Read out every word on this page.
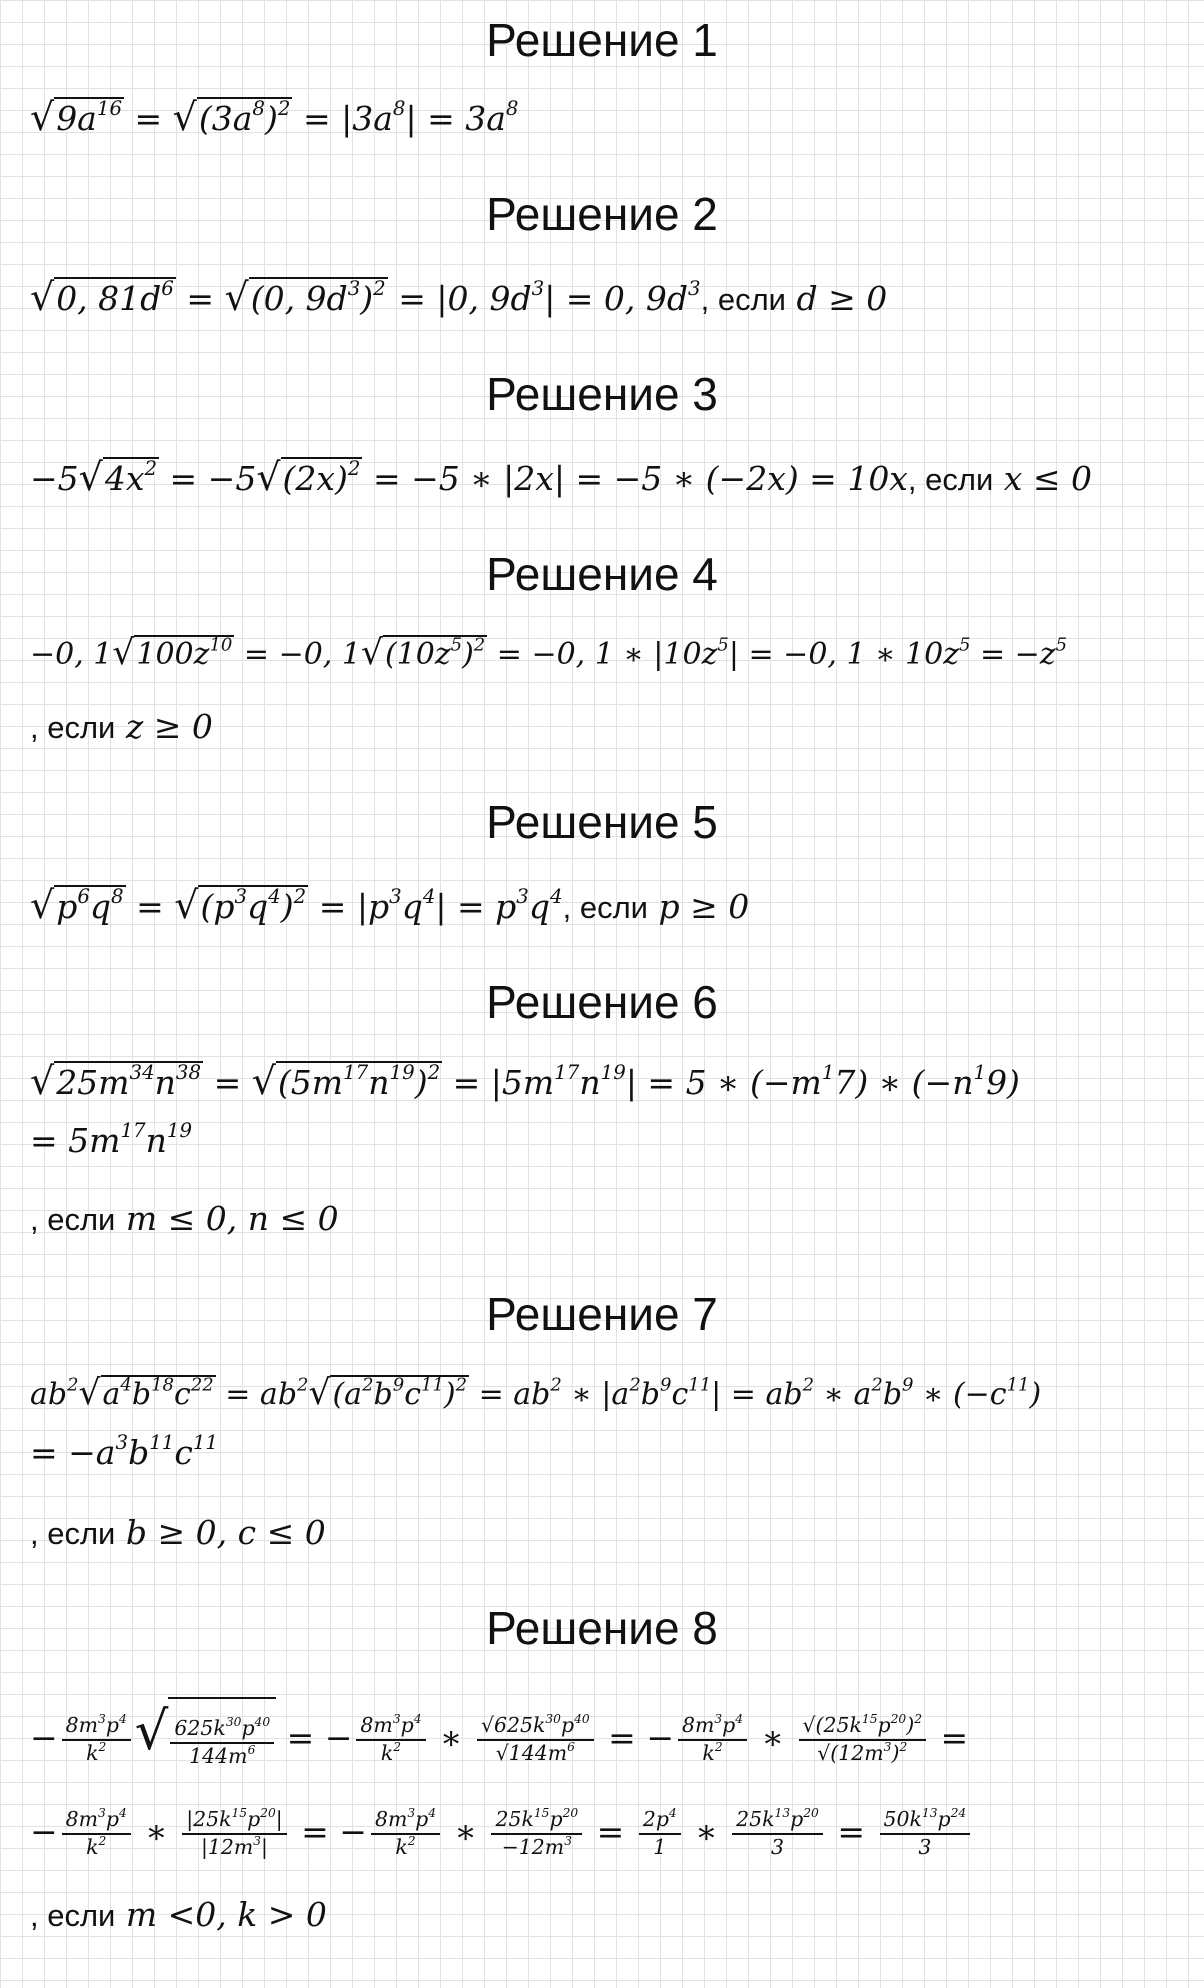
Решение 1
$√9a^{16} = √(3a^8)^2 = |3a^8| = 3a^8$
Решение 2
√0, $81d^6 = √(0$, $9d^3)^2 = |0$, $9d^3| = 0$, $9d^3$, если d ≥ 0
Решение 3
$-5√4x^2 = -5√(2x)^2 = -5$ ∗ |2x| = −5 ∗ (−2x) = 10x, если x ≤ 0
Решение 4
−0, $1√100z^{10} = -0$, $1√(10z^5)^2 = -0$, 1 ∗ $|10z^5| = -0$, 1 ∗ $10z^5 = -z^5$
, если z ≥ 0
Решение 5
$√p^6q^8 = √(p^3q^4)^2 = |p^3q^4| = p^3q^4$, если p ≥ 0
Решение 6
$√25m^{34}n^{38} = √(5m^{17}n^{19})^2 = |5m^{17}n^{19}| = 5$ ∗ $(-m^17)$ ∗ $(-n^19)$
= $5m^{17}n^{19}$
, если m ≤ 0, n ≤ 0
Решение 7
$ab^2√a^4b^{18}c^{22} = ab^2√(a^2b^9c^{11})^2 = ab^2$ ∗ $|a^2b^9c^{11}| = ab^2$ ∗ $a^2b^9$ ∗ $(-c^{11})$
= $-a^3b^{11}c^{11}$
, если b ≥ 0, c ≤ 0
Решение 8
− $\frac{8m^3p^4}{k^2}$ √ $\frac{625k^{30}p^{40}}{144m^6}$ = − $\frac{8m^3p^4}{k^2}$ ∗ $\frac{√625k^{30}p^{40}}{√144m^6}$ = − $\frac{8m^3p^4}{k^2}$ ∗ $\frac{√(25k^{15}p^{20})^2}{√(12m^3)^2}$ =
− $\frac{8m^3p^4}{k^2}$ ∗ $\frac{|25k^{15}p^{20}|}{|12m^3|}$ = − $\frac{8m^3p^4}{k^2}$ ∗ $\frac{25k^{15}p^{20}}{-12m^3} = \frac{2p^4}{1}$ ∗ $\frac{25k^{13}p^{20}}{3} = \frac{50k^{13}p^{24}}{3}$
, если m <0, k > 0
